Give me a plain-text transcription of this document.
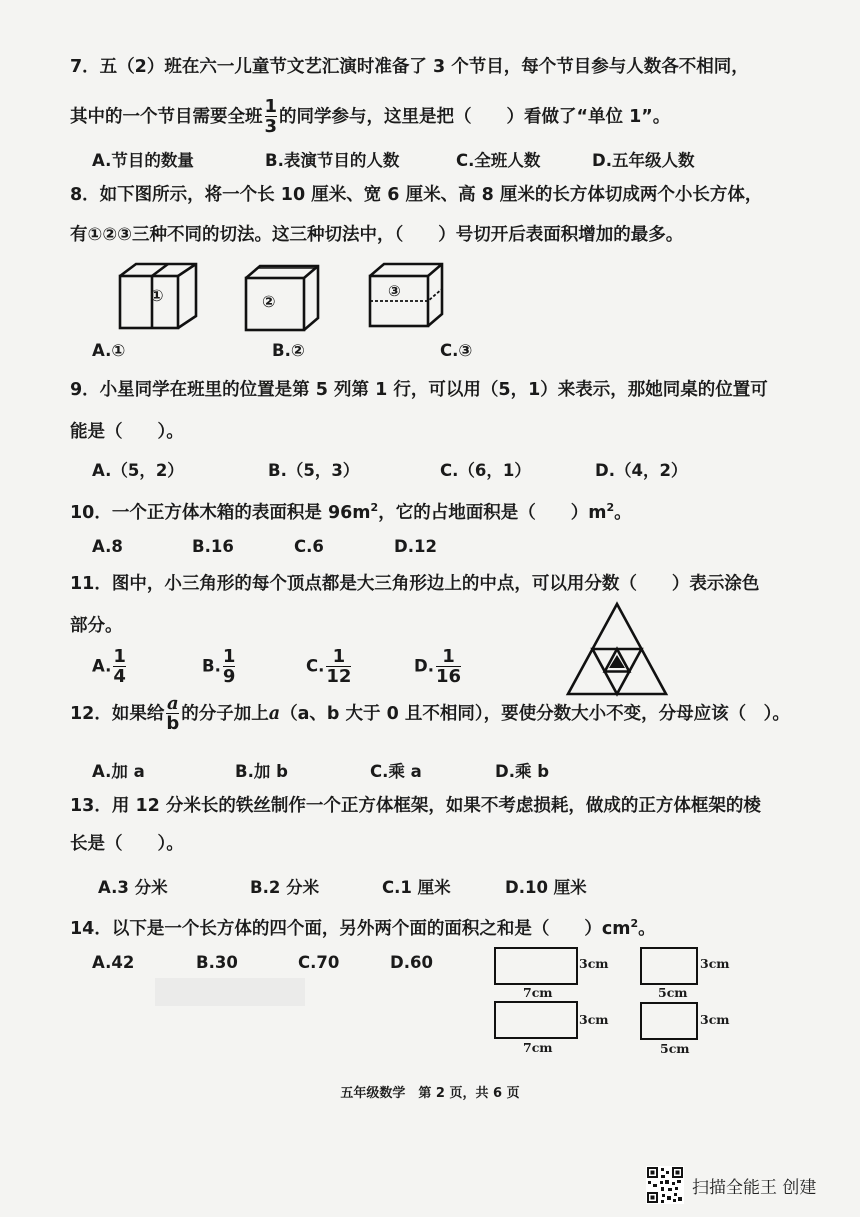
7．五（2）班在六一儿童节文艺汇演时准备了 3 个节目，每个节目参与人数各不相同，
其中的一个节目需要全班 $\frac{1}{3}$ 的同学参与，这里是把（　　）看做了“单位 1”。
A.节目的数量	B.表演节目的人数	C.全班人数	D.五年级人数
8．如下图所示，将一个长 10 厘米、宽 6 厘米、高 8 厘米的长方体切成两个小长方体，
有①②③三种不同的切法。这三种切法中，（　　）号切开后表面积增加的最多。
①	②
③
A.①	B.②	C.③
9．小星同学在班里的位置是第 5 列第 1 行，可以用（5，1）来表示，那她同桌的位置可
能是（　　）。
A.（5，2）	B.（5，3）	C.（6，1）	D.（4，2）
10．一个正方体木箱的表面积是 $96m^2$，它的占地面积是（　　）$m^2$。
A.8	B.16	C.6	D.12
11．图中，小三角形的每个顶点都是大三角形边上的中点，可以用分数（　　）表示涂色
部分。
A. $\frac{1}{4}$	B. $\frac{1}{9}$	C. $\frac{1}{12}$	D. $\frac{1}{16}$
12．如果给 $\frac{a}{b}$ 的分子加上a（a、b 大于 0 且不相同），要使分数大小不变，分母应该（　）。
A.加 a	B.加 b	C.乘 a	D.乘 b
13．用 12 分米长的铁丝制作一个正方体框架，如果不考虑损耗，做成的正方体框架的棱
长是（　　）。
A.3 分米	B.2 分米	C.1 厘米	D.10 厘米
14．以下是一个长方体的四个面，另外两个面的面积之和是（　　）$cm^2$。
A.42	B.30	C.70	D.60	3cm
7cm
3cm
5cm
3cm
7cm
3cm
5cm
五年级数学　第 2 页，共 6 页
扫描全能王 创建
